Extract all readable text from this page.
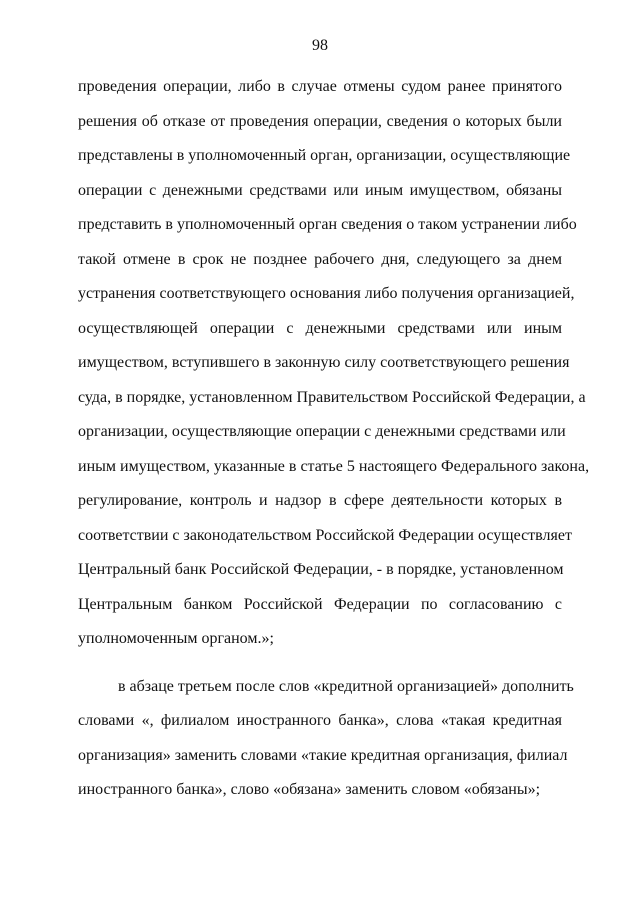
98
проведения операции, либо в случае отмены судом ранее принятого
решения об отказе от проведения операции, сведения о которых были
представлены в уполномоченный орган, организации, осуществляющие
операции с денежными средствами или иным имуществом, обязаны
представить в уполномоченный орган сведения о таком устранении либо
такой отмене в срок не позднее рабочего дня, следующего за днем
устранения соответствующего основания либо получения организацией,
осуществляющей операции с денежными средствами или иным
имуществом, вступившего в законную силу соответствующего решения
суда, в порядке, установленном Правительством Российской Федерации, а
организации, осуществляющие операции с денежными средствами или
иным имуществом, указанные в статье 5 настоящего Федерального закона,
регулирование, контроль и надзор в сфере деятельности которых в
соответствии с законодательством Российской Федерации осуществляет
Центральный банк Российской Федерации, - в порядке, установленном
Центральным банком Российской Федерации по согласованию с
уполномоченным органом.»;
в абзаце третьем после слов «кредитной организацией» дополнить
словами «, филиалом иностранного банка», слова «такая кредитная
организация» заменить словами «такие кредитная организация, филиал
иностранного банка», слово «обязана» заменить словом «обязаны»;
